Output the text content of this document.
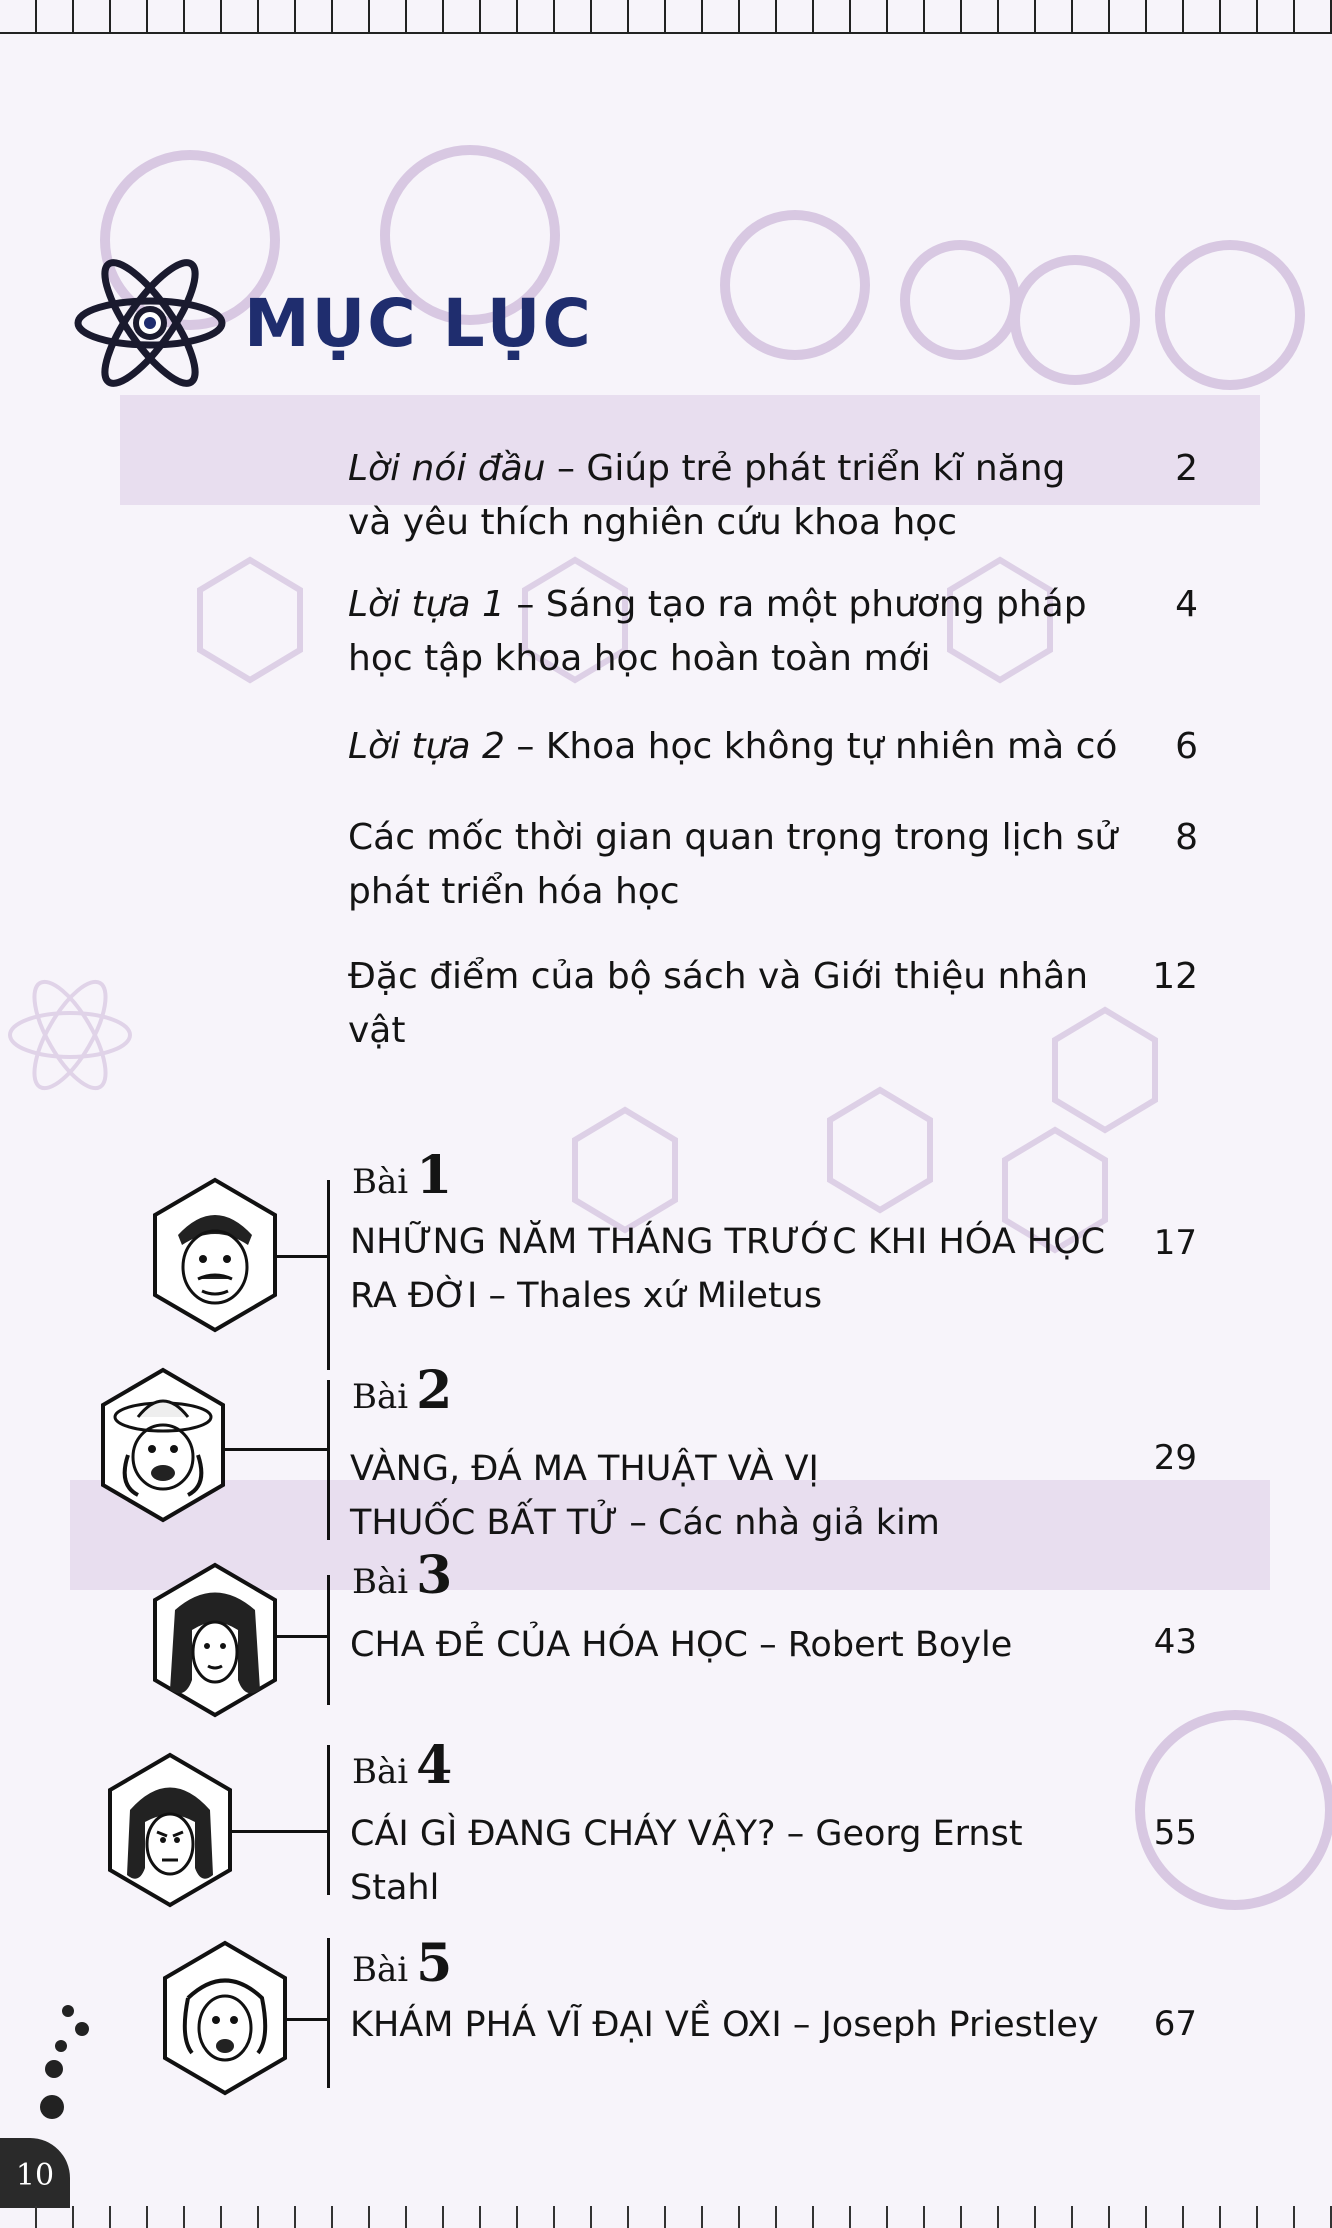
MỤC LỤC
Lời nói đầu – Giúp trẻ phát triển kĩ năng và yêu thích nghiên cứu khoa học
2
Lời tựa 1 – Sáng tạo ra một phương pháp học tập khoa học hoàn toàn mới
4
Lời tựa 2 – Khoa học không tự nhiên mà có 6
Các mốc thời gian quan trọng trong lịch sử phát triển hóa học
8
Đặc điểm của bộ sách và Giới thiệu nhân vật
12
Bài 1
NHỮNG NĂM THÁNG TRƯỚC KHI HÓA HỌC RA ĐỜI – Thales xứ Miletus
17
Bài 2
VÀNG, ĐÁ MA THUẬT VÀ VỊ THUỐC BẤT TỬ – Các nhà giả kim
29
Bài 3
CHA ĐẺ CỦA HÓA HỌC – Robert Boyle	43
Bài 4
CÁI GÌ ĐANG CHÁY VẬY? – Georg Ernst Stahl
55
Bài 5
KHÁM PHÁ VĨ ĐẠI VỀ OXI – Joseph Priestley	67
10
